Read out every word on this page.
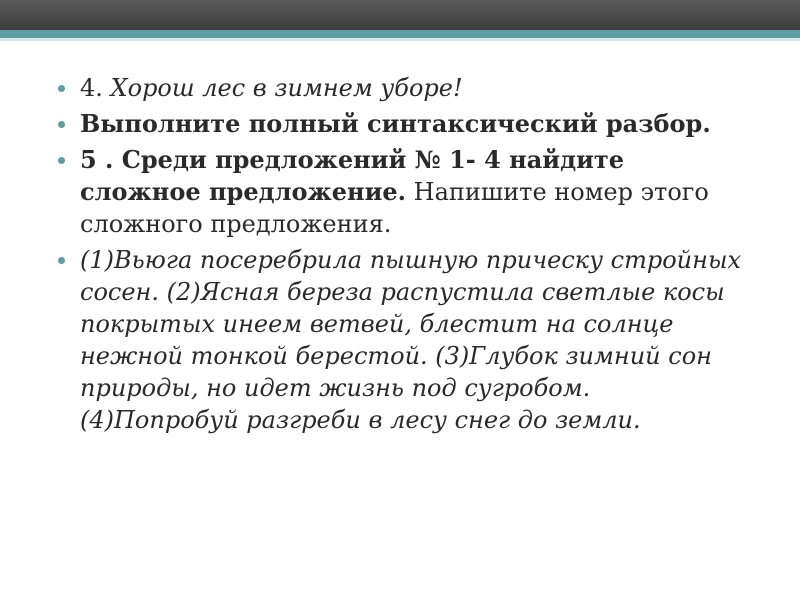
4. Хорош лес в зимнем уборе!
Выполните полный синтаксический разбор.
5 . Среди предложений № 1- 4 найдите сложное предложение. Напишите номер этого сложного предложения.
(1)Вьюга посеребрила пышную прическу стройных сосен. (2)Ясная береза распустила светлые косы покрытых инеем ветвей, блестит на солнце нежной тонкой берестой. (3)Глубок зимний сон природы, но идет жизнь под сугробом. (4)Попробуй разгреби в лесу снег до земли.
